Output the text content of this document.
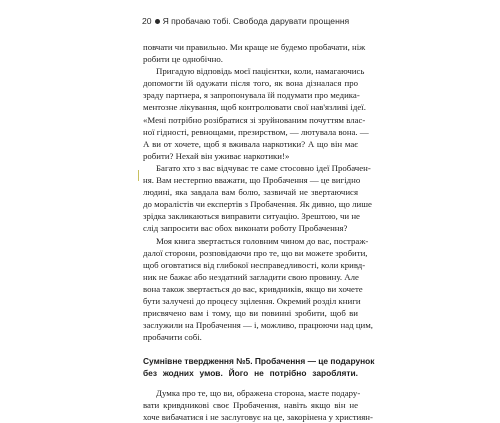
20 Я пробачаю тобі. Свобода дарувати прощення
повчати чи правильно. Ми краще не будемо пробачати, ніж
робити це однобічно.
Пригадую відповідь моєї пацієнтки, коли, намагаючись
допомогти їй одужати після того, як вона дізналася про
зраду партнера, я запропонувала їй подумати про медика-
ментозне лікування, щоб контролювати свої нав'язливі ідеї.
«Мені потрібно розібратися зі зруйнованим почуттям влас-
ної гідності, ревнощами, презирством, — лютувала вона. —
А ви от хочете, щоб я вживала наркотики? А що він має
робити? Нехай він уживає наркотики!»
Багато хто з вас відчуває те саме стосовно ідеї Пробачен-
ня. Вам нестерпно вважати, що Пробачення — це вигідно
людині, яка завдала вам болю, зазвичай не звертаючися
до моралістів чи експертів з Пробачення. Як дивно, що лише
зрідка закликаються виправити ситуацію. Зрештою, чи не
слід запросити вас обох виконати роботу Пробачення?
Моя книга звертається головним чином до вас, постраж-
далої сторони, розповідаючи про те, що ви можете зробити,
щоб оговтатися від глибокої несправедливості, коли кривд-
ник не бажає або нездатний загладити свою провину. Але
вона також звертається до вас, кривдників, якщо ви хочете
бути залучені до процесу зцілення. Окремий розділ книги
присвячено вам і тому, що ви повинні зробити, щоб ви
заслужили на Пробачення — і, можливо, працюючи над цим,
пробачити собі.
Сумнівне твердження №5. Пробачення — це подарунок
без жодних умов. Його не потрібно заробляти.
Думка про те, що ви, ображена сторона, маєте подару-
вати кривдникові своє Пробачення, навіть якщо він не
хоче вибачатися і не заслуговує на це, закорінена у християн-
